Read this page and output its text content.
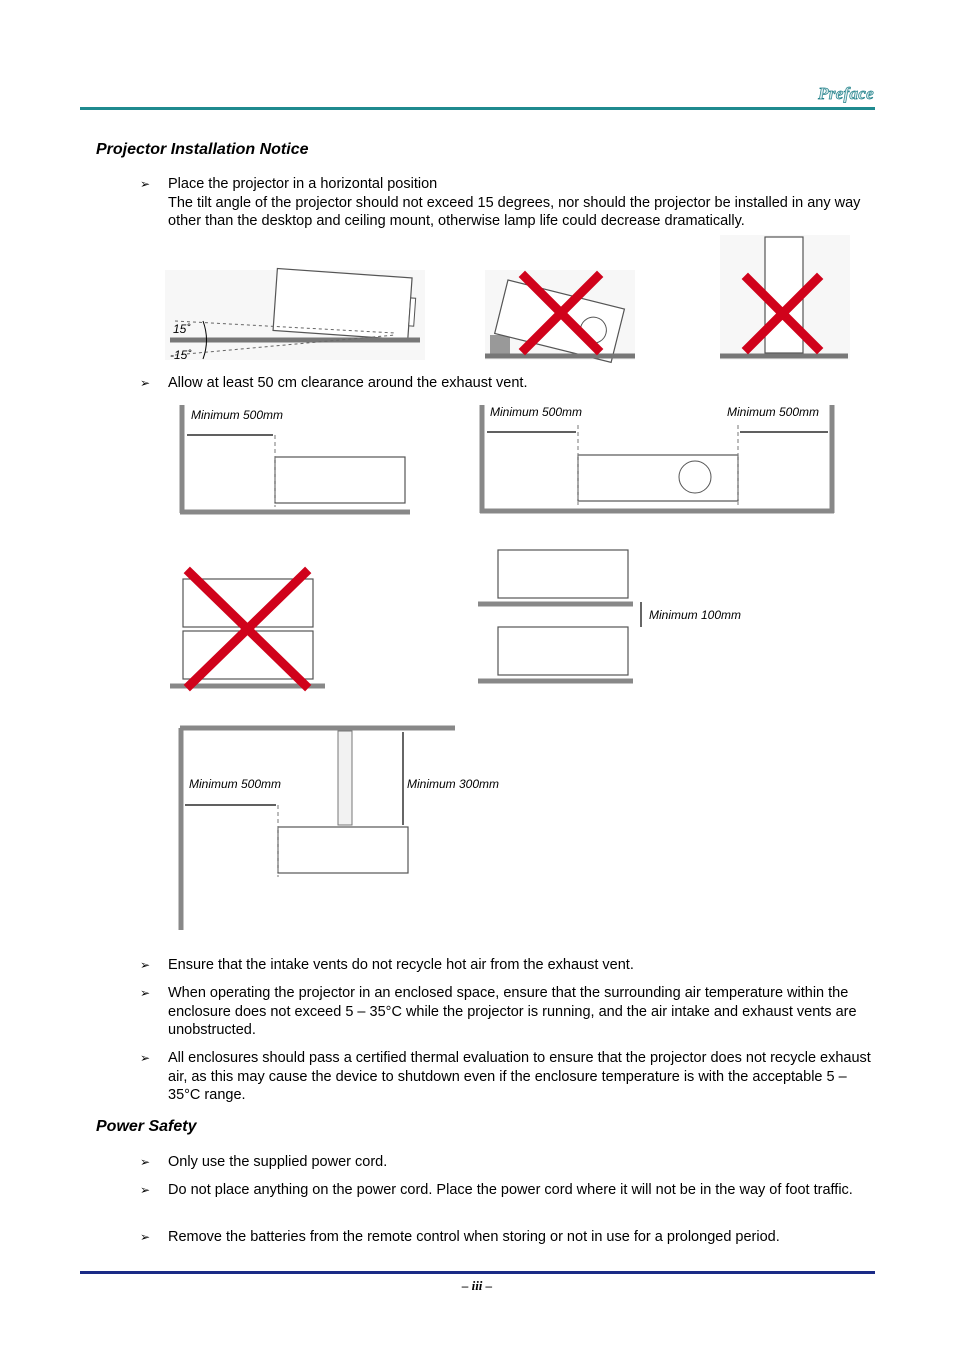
Preface
Projector Installation Notice
➢ Place the projector in a horizontal position
The tilt angle of the projector should not exceed 15 degrees, nor should the projector be installed in any way other than the desktop and ceiling mount, otherwise lamp life could decrease dramatically.
15˚
-15˚
➢ Allow at least 50 cm clearance around the exhaust vent.
Minimum 500mm	Minimum 500mm	Minimum 500mm
Minimum 100mm
Minimum 500mm	Minimum 300mm
➢ Ensure that the intake vents do not recycle hot air from the exhaust vent.
➢ When operating the projector in an enclosed space, ensure that the surrounding air temperature within the enclosure does not exceed 5 – 35°C while the projector is running, and the air intake and exhaust vents are unobstructed.
➢ All enclosures should pass a certified thermal evaluation to ensure that the projector does not recycle exhaust air, as this may cause the device to shutdown even if the enclosure temperature is with the acceptable 5 – 35°C range.
Power Safety
➢ Only use the supplied power cord.
➢ Do not place anything on the power cord. Place the power cord where it will not be in the way of foot traffic.
➢ Remove the batteries from the remote control when storing or not in use for a prolonged period.
– iii –
